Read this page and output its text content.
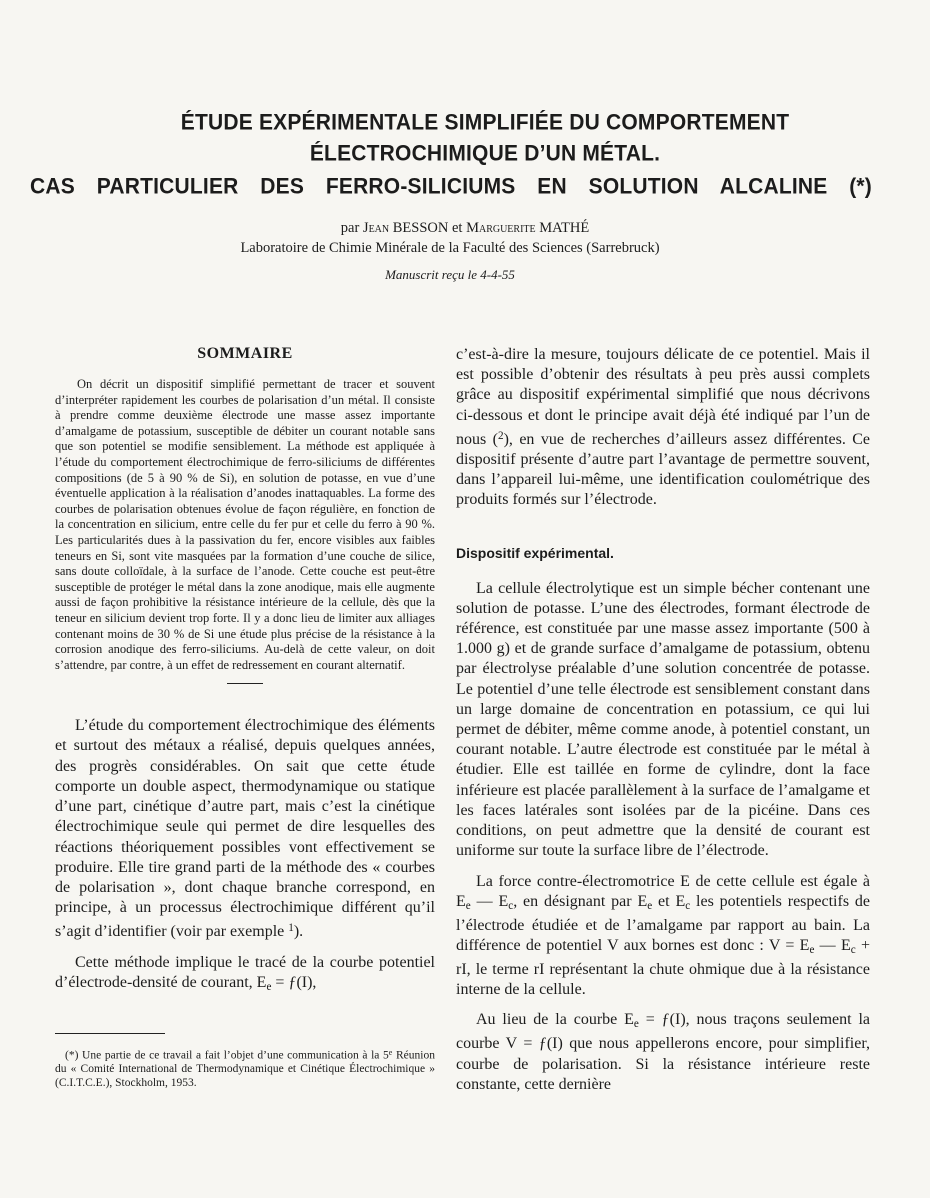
ÉTUDE EXPÉRIMENTALE SIMPLIFIÉE DU COMPORTEMENT
ÉLECTROCHIMIQUE D’UN MÉTAL.
CAS PARTICULIER DES FERRO-SILICIUMS EN SOLUTION ALCALINE (*)

par Jean BESSON et Marguerite MATHÉ

Laboratoire de Chimie Minérale de la Faculté des Sciences (Sarrebruck)

Manuscrit reçu le 4-4-55

SOMMAIRE

On décrit un dispositif simplifié permettant de tracer et souvent d’interpréter rapidement les courbes de polarisation d’un métal. Il consiste à prendre comme deuxième électrode une masse assez importante d’amalgame de potassium, susceptible de débiter un courant notable sans que son potentiel se modifie sensiblement. La méthode est appliquée à l’étude du comportement électrochimique de ferro-siliciums de différentes compositions (de 5 à 90 % de Si), en solution de potasse, en vue d’une éventuelle application à la réalisation d’anodes inattaquables. La forme des courbes de polarisation obtenues évolue de façon régulière, en fonction de la concentration en silicium, entre celle du fer pur et celle du ferro à 90 %. Les particularités dues à la passivation du fer, encore visibles aux faibles teneurs en Si, sont vite masquées par la formation d’une couche de silice, sans doute colloïdale, à la surface de l’anode. Cette couche est peut-être susceptible de protéger le métal dans la zone anodique, mais elle augmente aussi de façon prohibitive la résistance intérieure de la cellule, dès que la teneur en silicium devient trop forte. Il y a donc lieu de limiter aux alliages contenant moins de 30 % de Si une étude plus précise de la résistance à la corrosion anodique des ferro-siliciums. Au-delà de cette valeur, on doit s’attendre, par contre, à un effet de redressement en courant alternatif.

L’étude du comportement électrochimique des éléments et surtout des métaux a réalisé, depuis quelques années, des progrès considérables. On sait que cette étude comporte un double aspect, thermodynamique ou statique d’une part, cinétique d’autre part, mais c’est la cinétique électrochimique seule qui permet de dire lesquelles des réactions théoriquement possibles vont effectivement se produire. Elle tire grand parti de la méthode des « courbes de polarisation », dont chaque branche correspond, en principe, à un processus électrochimique différent qu’il s’agit d’identifier (voir par exemple $^1$).

Cette méthode implique le tracé de la courbe potentiel d’électrode-densité de courant, $E_e$ = ƒ(I),

(*) Une partie de ce travail a fait l’objet d’une communication à la 5e Réunion du « Comité International de Thermodynamique et Cinétique Électrochimique » (C.I.T.C.E.), Stockholm, 1953.

c’est-à-dire la mesure, toujours délicate de ce potentiel. Mais il est possible d’obtenir des résultats à peu près aussi complets grâce au dispositif expérimental simplifié que nous décrivons ci-dessous et dont le principe avait déjà été indiqué par l’un de nous ($^2$), en vue de recherches d’ailleurs assez différentes. Ce dispositif présente d’autre part l’avantage de permettre souvent, dans l’appareil lui-même, une identification coulométrique des produits formés sur l’électrode.

Dispositif expérimental.

La cellule électrolytique est un simple bécher contenant une solution de potasse. L’une des électrodes, formant électrode de référence, est constituée par une masse assez importante (500 à 1.000 g) et de grande surface d’amalgame de potassium, obtenu par électrolyse préalable d’une solution concentrée de potasse. Le potentiel d’une telle électrode est sensiblement constant dans un large domaine de concentration en potassium, ce qui lui permet de débiter, même comme anode, à potentiel constant, un courant notable. L’autre électrode est constituée par le métal à étudier. Elle est taillée en forme de cylindre, dont la face inférieure est placée parallèlement à la surface de l’amalgame et les faces latérales sont isolées par de la picéine. Dans ces conditions, on peut admettre que la densité de courant est uniforme sur toute la surface libre de l’électrode.

La force contre-électromotrice E de cette cellule est égale à $E_e$ — $E_c$, en désignant par $E_e$ et $E_c$ les potentiels respectifs de l’électrode étudiée et de l’amalgame par rapport au bain. La différence de potentiel V aux bornes est donc : $V = E_e$ — $E_c$ + rI, le terme rI représentant la chute ohmique due à la résistance interne de la cellule.

Au lieu de la courbe $E_e$ = ƒ(I), nous traçons seulement la courbe V = ƒ(I) que nous appellerons encore, pour simplifier, courbe de polarisation. Si la résistance intérieure reste constante, cette dernière
